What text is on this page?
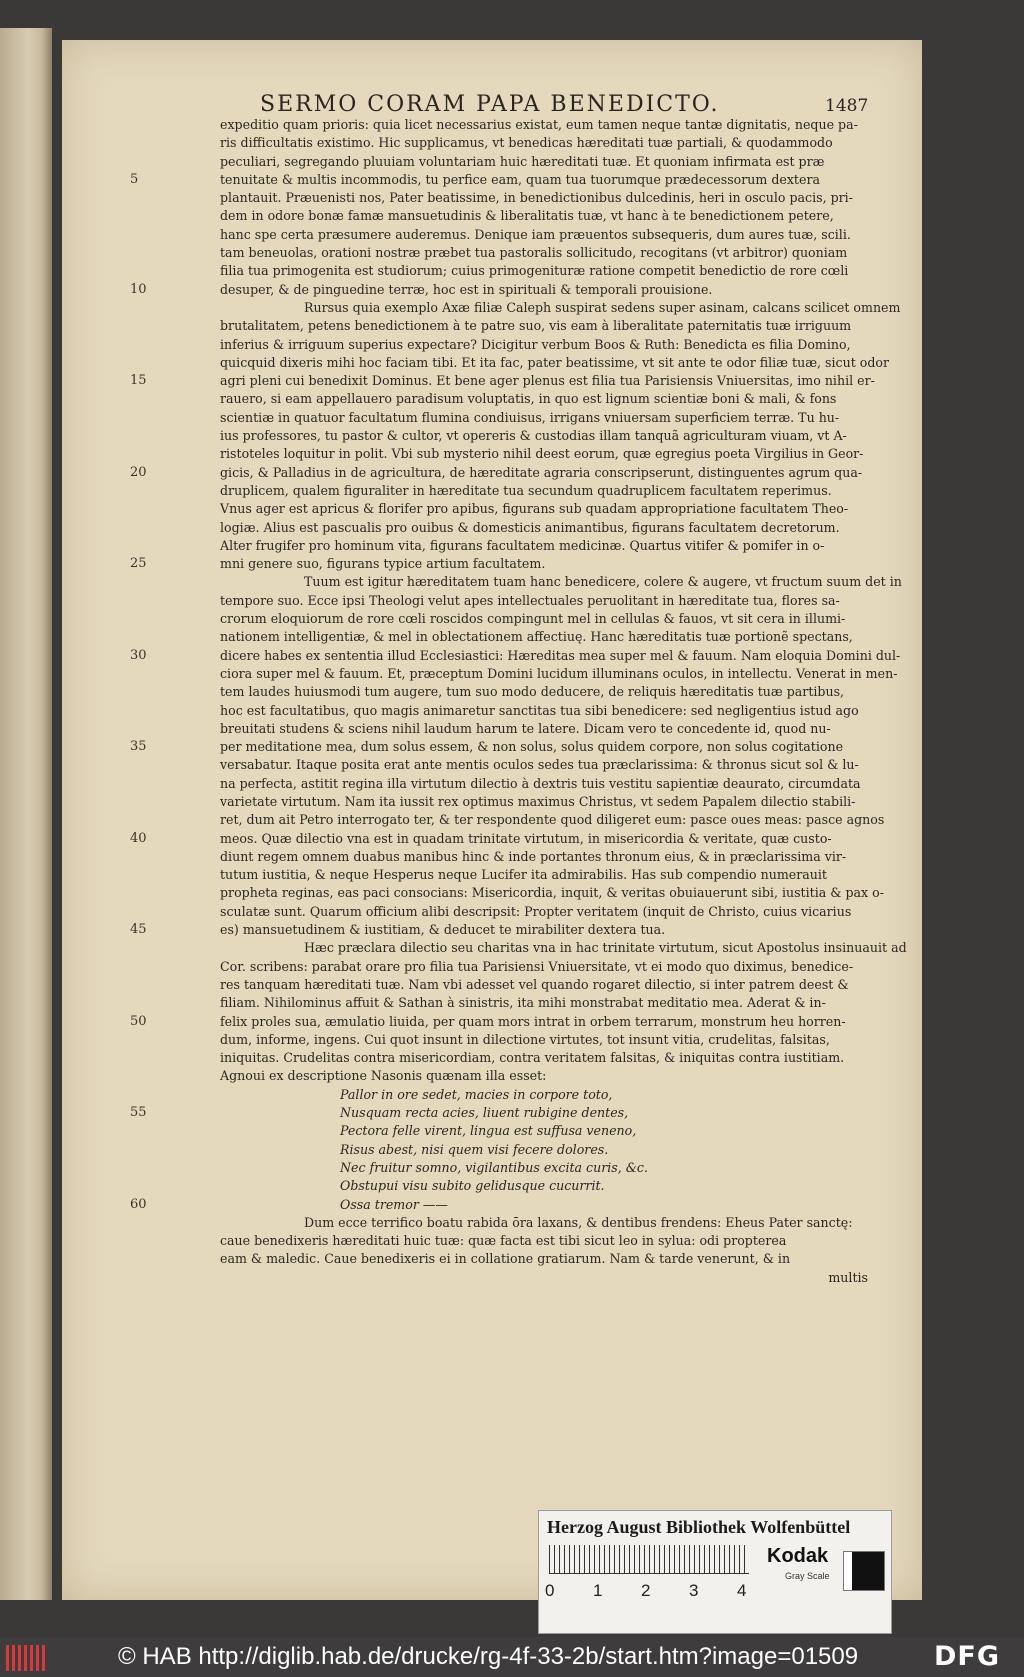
SERMO CORAM PAPA BENEDICTO.	1487
expeditio quam prioris: quia licet necessarius existat, eum tamen neque tantæ dignitatis, neque pa-
ris difficultatis existimo. Hic supplicamus, vt benedicas hæreditati tuæ partiali, & quodammodo
peculiari, segregando pluuiam voluntariam huic hæreditati tuæ. Et quoniam infirmata est præ
5	tenuitate & multis incommodis, tu perfice eam, quam tua tuorumque prædecessorum dextera
plantauit. Præuenisti nos, Pater beatissime, in benedictionibus dulcedinis, heri in osculo pacis, pri-
dem in odore bonæ famæ mansuetudinis & liberalitatis tuæ, vt hanc à te benedictionem petere,
hanc spe certa præsumere auderemus. Denique iam præuentos subsequeris, dum aures tuæ, scili.
tam beneuolas, orationi nostræ præbet tua pastoralis sollicitudo, recogitans (vt arbitror) quoniam
filia tua primogenita est studiorum; cuius primogenituræ ratione competit benedictio de rore cœli
10	desuper, & de pinguedine terræ, hoc est in spirituali & temporali prouisione.
Rursus quia exemplo Axæ filiæ Caleph suspirat sedens super asinam, calcans scilicet omnem
brutalitatem, petens benedictionem à te patre suo, vis eam à liberalitate paternitatis tuæ irriguum
inferius & irriguum superius expectare? Dicigitur verbum Boos & Ruth: Benedicta es filia Domino,
quicquid dixeris mihi hoc faciam tibi. Et ita fac, pater beatissime, vt sit ante te odor filiæ tuæ, sicut odor
15	agri pleni cui benedixit Dominus. Et bene ager plenus est filia tua Parisiensis Vniuersitas, imo nihil er-
rauero, si eam appellauero paradisum voluptatis, in quo est lignum scientiæ boni & mali, & fons
scientiæ in quatuor facultatum flumina condiuisus, irrigans vniuersam superficiem terræ. Tu hu-
ius professores, tu pastor & cultor, vt opereris & custodias illam tanquã agriculturam viuam, vt A-
ristoteles loquitur in polit. Vbi sub mysterio nihil deest eorum, quæ egregius poeta Virgilius in Geor-
20	gicis, & Palladius in de agricultura, de hæreditate agraria conscripserunt, distinguentes agrum qua-
druplicem, qualem figuraliter in hæreditate tua secundum quadruplicem facultatem reperimus.
Vnus ager est apricus & florifer pro apibus, figurans sub quadam appropriatione facultatem Theo-
logiæ. Alius est pascualis pro ouibus & domesticis animantibus, figurans facultatem decretorum.
Alter frugifer pro hominum vita, figurans facultatem medicinæ. Quartus vitifer & pomifer in o-
25	mni genere suo, figurans typice artium facultatem.
Tuum est igitur hæreditatem tuam hanc benedicere, colere & augere, vt fructum suum det in
tempore suo. Ecce ipsi Theologi velut apes intellectuales peruolitant in hæreditate tua, flores sa-
crorum eloquiorum de rore cœli roscidos compingunt mel in cellulas & fauos, vt sit cera in illumi-
nationem intelligentiæ, & mel in oblectationem affectiuę. Hanc hæreditatis tuæ portionẽ spectans,
30	dicere habes ex sententia illud Ecclesiastici: Hæreditas mea super mel & fauum. Nam eloquia Domini dul-
ciora super mel & fauum. Et, præceptum Domini lucidum illuminans oculos, in intellectu. Venerat in men-
tem laudes huiusmodi tum augere, tum suo modo deducere, de reliquis hæreditatis tuæ partibus,
hoc est facultatibus, quo magis animaretur sanctitas tua sibi benedicere: sed negligentius istud ago
breuitati studens & sciens nihil laudum harum te latere. Dicam vero te concedente id, quod nu-
35	per meditatione mea, dum solus essem, & non solus, solus quidem corpore, non solus cogitatione
versabatur. Itaque posita erat ante mentis oculos sedes tua præclarissima: & thronus sicut sol & lu-
na perfecta, astitit regina illa virtutum dilectio à dextris tuis vestitu sapientiæ deaurato, circumdata
varietate virtutum. Nam ita iussit rex optimus maximus Christus, vt sedem Papalem dilectio stabili-
ret, dum ait Petro interrogato ter, & ter respondente quod diligeret eum: pasce oues meas: pasce agnos
40	meos. Quæ dilectio vna est in quadam trinitate virtutum, in misericordia & veritate, quæ custo-
diunt regem omnem duabus manibus hinc & inde portantes thronum eius, & in præclarissima vir-
tutum iustitia, & neque Hesperus neque Lucifer ita admirabilis. Has sub compendio numerauit
propheta reginas, eas paci consocians: Misericordia, inquit, & veritas obuiauerunt sibi, iustitia & pax o-
sculatæ sunt. Quarum officium alibi descripsit: Propter veritatem (inquit de Christo, cuius vicarius
45	es) mansuetudinem & iustitiam, & deducet te mirabiliter dextera tua.
Hæc præclara dilectio seu charitas vna in hac trinitate virtutum, sicut Apostolus insinuauit ad
Cor. scribens: parabat orare pro filia tua Parisiensi Vniuersitate, vt ei modo quo diximus, benedice-
res tanquam hæreditati tuæ. Nam vbi adesset vel quando rogaret dilectio, si inter patrem deest &
filiam. Nihilominus affuit & Sathan à sinistris, ita mihi monstrabat meditatio mea. Aderat & in-
50	felix proles sua, æmulatio liuida, per quam mors intrat in orbem terrarum, monstrum heu horren-
dum, informe, ingens. Cui quot insunt in dilectione virtutes, tot insunt vitia, crudelitas, falsitas,
iniquitas. Crudelitas contra misericordiam, contra veritatem falsitas, & iniquitas contra iustitiam.
Agnoui ex descriptione Nasonis quænam illa esset:
Pallor in ore sedet, macies in corpore toto,
55	Nusquam recta acies, liuent rubigine dentes,
Pectora felle virent, lingua est suffusa veneno,
Risus abest, nisi quem visi fecere dolores.
Nec fruitur somno, vigilantibus excita curis, &c.
Obstupui visu subito gelidusque cucurrit.
60	Ossa tremor ——
Dum ecce terrifico boatu rabida ōra laxans, & dentibus frendens: Eheus Pater sanctę:
caue benedixeris hæreditati huic tuæ: quæ facta est tibi sicut leo in sylua: odi propterea
eam & maledic. Caue benedixeris ei in collatione gratiarum. Nam & tarde venerunt, & in
multis
Herzog August Bibliothek Wolfenbüttel
0 1 2 3 4
Kodak
Gray Scale
© HAB http://diglib.hab.de/drucke/rg-4f-33-2b/start.htm?image=01509	DFG
